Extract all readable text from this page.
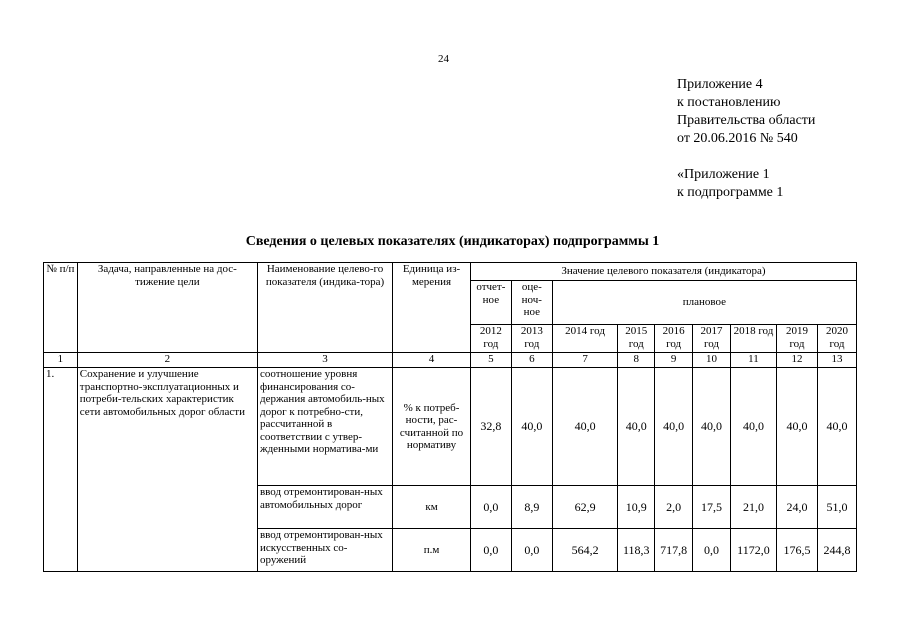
24
Приложение 4
к постановлению
Правительства области
от 20.06.2016 № 540
«Приложение 1
к подпрограмме 1
Сведения о целевых показателях (индикаторах) подпрограммы 1
№ п/п	Задача, направленные на дос-тижение цели	Наименование целево-го показателя (индика-тора)	Единица из-мерения	Значение целевого показателя (индикатора)								
				отчет-ное	оце-ноч-ное	плановое						
				2012 год	2013 год	2014 год	2015 год	2016 год	2017 год	2018 год	2019 год	2020 год
1	2	3	4	5	6	7	8	9	10	11	12	13
1.	Сохранение и улучшение транспортно-эксплуатационных и потреби-тельских характеристик сети автомобильных дорог области	соотношение уровня финансирования со-держания автомобиль-ных дорог к потребно-сти, рассчитанной в соответствии с утвер-жденными нормативa-ми	% к потреб-ности, рас-считанной по нормативу	32,8	40,0	40,0	40,0	40,0	40,0	40,0	40,0	40,0
		ввод отремонтирован-ных автомобильных дорог	км	0,0	8,9	62,9	10,9	2,0	17,5	21,0	24,0	51,0
		ввод отремонтирован-ных искусственных со-оружений	п.м	0,0	0,0	564,2	118,3	717,8	0,0	1172,0	176,5	244,8
